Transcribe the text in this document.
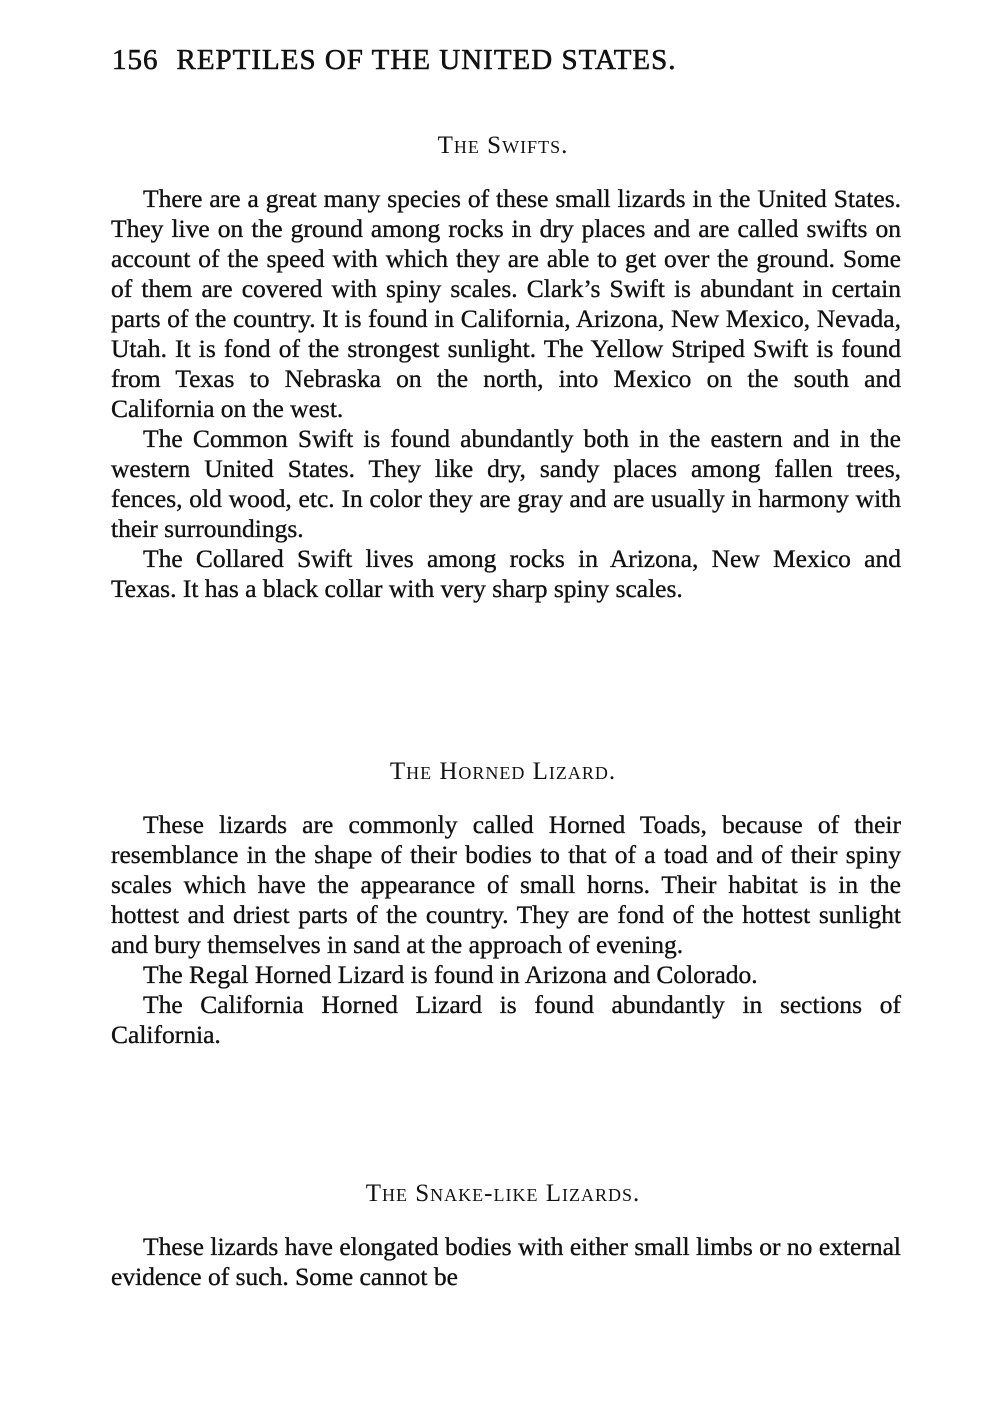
156 REPTILES OF THE UNITED STATES.
The Swifts.

There are a great many species of these small lizards in the United States. They live on the ground among rocks in dry places and are called swifts on account of the speed with which they are able to get over the ground. Some of them are covered with spiny scales. Clark’s Swift is abundant in certain parts of the country. It is found in California, Arizona, New Mexico, Nevada, Utah. It is fond of the strongest sunlight. The Yellow Striped Swift is found from Texas to Nebraska on the north, into Mexico on the south and California on the west.

The Common Swift is found abundantly both in the eastern and in the western United States. They like dry, sandy places among fallen trees, fences, old wood, etc. In color they are gray and are usually in harmony with their surroundings.

The Collared Swift lives among rocks in Arizona, New Mexico and Texas. It has a black collar with very sharp spiny scales.

The Horned Lizard.

These lizards are commonly called Horned Toads, because of their resemblance in the shape of their bodies to that of a toad and of their spiny scales which have the appearance of small horns. Their habitat is in the hottest and driest parts of the country. They are fond of the hottest sunlight and bury themselves in sand at the approach of evening.

The Regal Horned Lizard is found in Arizona and Colorado.

The California Horned Lizard is found abundantly in sections of California.

The Snake-like Lizards.

These lizards have elongated bodies with either small limbs or no external evidence of such. Some cannot be
